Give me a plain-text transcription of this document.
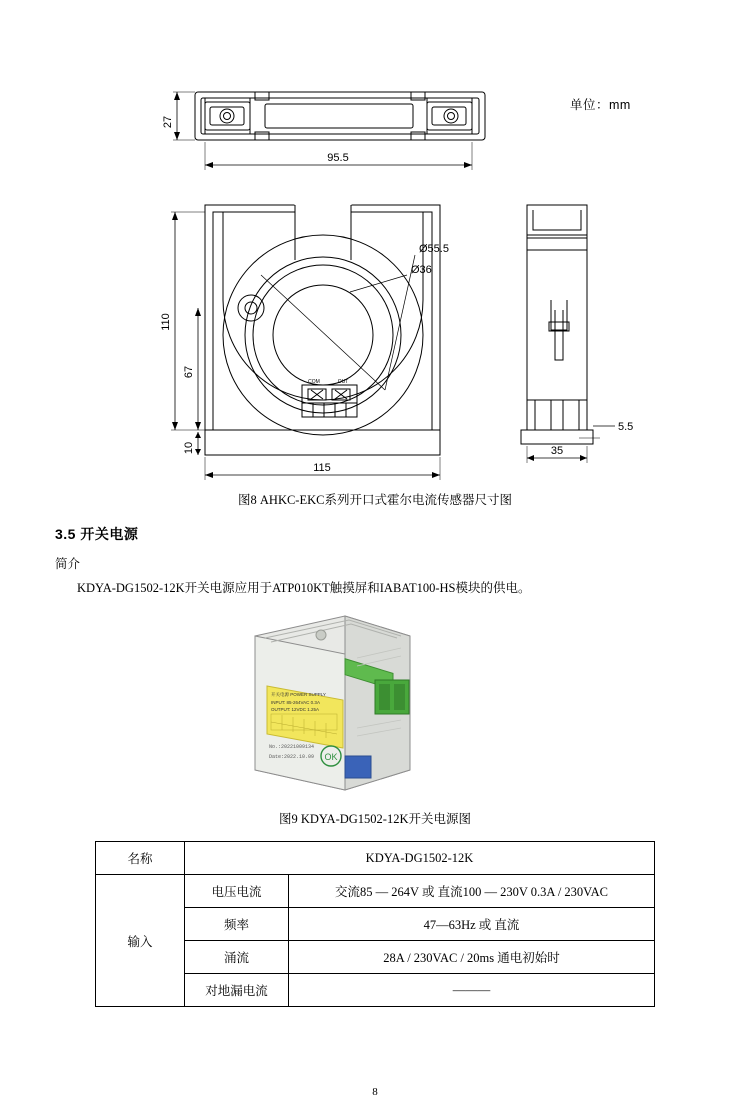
单位：mm
27
95.5
110
67
10
115
Ø55.5
Ø36
5.5
35
COM	OUT
图8 AHKC-EKC系列开口式霍尔电流传感器尺寸图
3.5 开关电源
简介
KDYA-DG1502-12K开关电源应用于ATP010KT触摸屏和IABAT100-HS模块的供电。
开关电源 POWER SUPPLY
INPUT: 85-264VAC 0.3A
OUTPUT: 12VDC 1.25A
No.:20221009134
Date:2022.10.09 OK
图9 KDYA-DG1502-12K开关电源图
名称	KDYA-DG1502-12K	
输入	电压电流	交流85 — 264V 或 直流100 — 230V 0.3A / 230VAC
	频率	47—63Hz 或 直流
	涌流	28A / 230VAC / 20ms 通电初始时
	对地漏电流	———
8
